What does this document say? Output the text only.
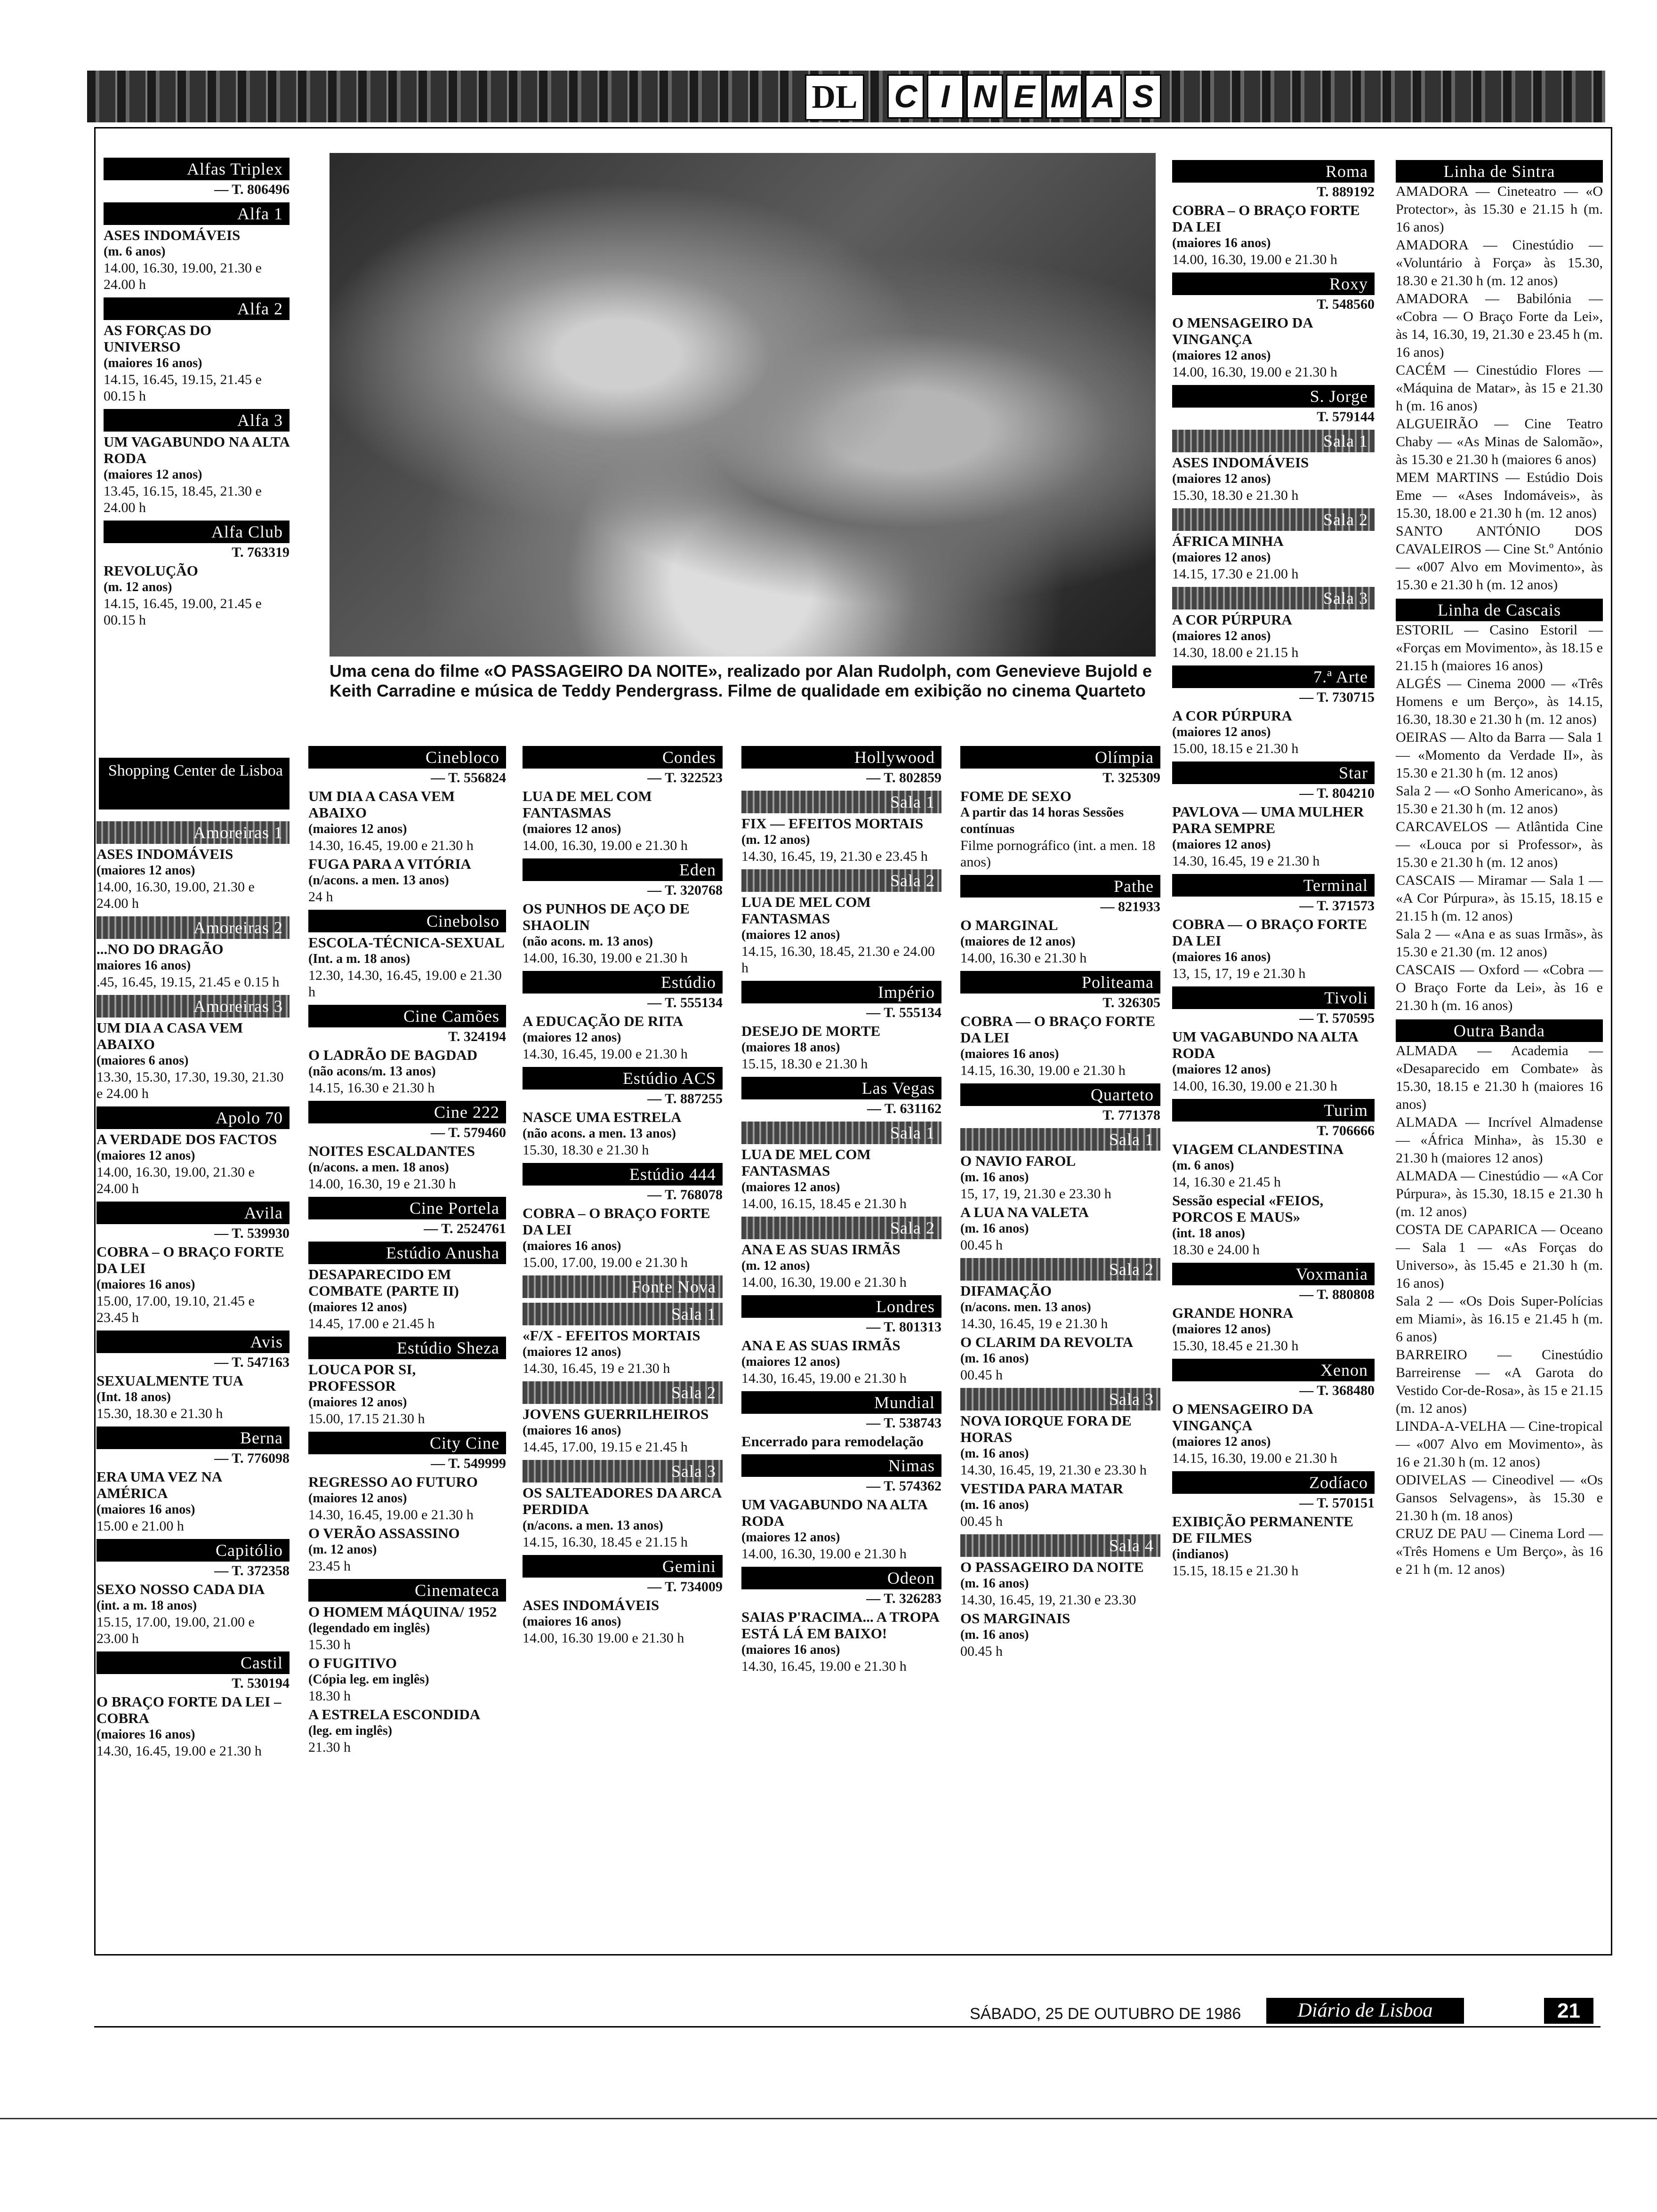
DL C I N E M A S
Alfas Triplex
— T. 806496
Alfa 1
ASES INDOMÁVEIS
(m. 6 anos)
14.00, 16.30, 19.00, 21.30 e 24.00 h
Alfa 2
AS FORÇAS DO UNIVERSO
(maiores 16 anos)
14.15, 16.45, 19.15, 21.45 e 00.15 h
Alfa 3
UM VAGABUNDO NA ALTA RODA
(maiores 12 anos)
13.45, 16.15, 18.45, 21.30 e 24.00 h
Alfa Club
T. 763319
REVOLUÇÃO
(m. 12 anos)
14.15, 16.45, 19.00, 21.45 e 00.15 h
Shopping Center de Lisboa
Amoreiras 1
ASES INDOMÁVEIS
(maiores 12 anos)
14.00, 16.30, 19.00, 21.30 e 24.00 h
Amoreiras 2
...NO DO DRAGÃO
maiores 16 anos)
.45, 16.45, 19.15, 21.45 e 0.15 h
Amoreiras 3
UM DIA A CASA VEM ABAIXO
(maiores 6 anos)
13.30, 15.30, 17.30, 19.30, 21.30 e 24.00 h
Apolo 70
A VERDADE DOS FACTOS
(maiores 12 anos)
14.00, 16.30, 19.00, 21.30 e 24.00 h
Avila
— T. 539930
COBRA – O BRAÇO FORTE DA LEI
(maiores 16 anos)
15.00, 17.00, 19.10, 21.45 e 23.45 h
Avis
— T. 547163
SEXUALMENTE TUA
(Int. 18 anos)
15.30, 18.30 e 21.30 h
Berna
— T. 776098
ERA UMA VEZ NA AMÉRICA
(maiores 16 anos)
15.00 e 21.00 h
Capitólio
— T. 372358
SEXO NOSSO CADA DIA
(int. a m. 18 anos)
15.15, 17.00, 19.00, 21.00 e 23.00 h
Castil
T. 530194
O BRAÇO FORTE DA LEI – COBRA
(maiores 16 anos)
14.30, 16.45, 19.00 e 21.30 h
Uma cena do filme «O PASSAGEIRO DA NOITE», realizado por Alan Rudolph, com Genevieve Bujold e Keith Carradine e música de Teddy Pendergrass. Filme de qualidade em exibição no cinema Quarteto
Cinebloco
— T. 556824
UM DIA A CASA VEM ABAIXO
(maiores 12 anos)
14.30, 16.45, 19.00 e 21.30 h
FUGA PARA A VITÓRIA
(n/acons. a men. 13 anos)
24 h
Cinebolso
ESCOLA-TÉCNICA-SEXUAL
(Int. a m. 18 anos)
12.30, 14.30, 16.45, 19.00 e 21.30 h
Cine Camões
T. 324194
O LADRÃO DE BAGDAD
(não acons/m. 13 anos)
14.15, 16.30 e 21.30 h
Cine 222
— T. 579460
NOITES ESCALDANTES
(n/acons. a men. 18 anos)
14.00, 16.30, 19 e 21.30 h
Cine Portela
— T. 2524761
Estúdio Anusha
DESAPARECIDO EM COMBATE (PARTE II)
(maiores 12 anos)
14.45, 17.00 e 21.45 h
Estúdio Sheza
LOUCA POR SI, PROFESSOR
(maiores 12 anos)
15.00, 17.15 21.30 h
City Cine
— T. 549999
REGRESSO AO FUTURO
(maiores 12 anos)
14.30, 16.45, 19.00 e 21.30 h
O VERÃO ASSASSINO
(m. 12 anos)
23.45 h
Cinemateca
O HOMEM MÁQUINA/ 1952
(legendado em inglês)
15.30 h
O FUGITIVO
(Cópia leg. em inglês)
18.30 h
A ESTRELA ESCONDIDA
(leg. em inglês)
21.30 h
Condes
— T. 322523
LUA DE MEL COM FANTASMAS
(maiores 12 anos)
14.00, 16.30, 19.00 e 21.30 h
Eden
— T. 320768
OS PUNHOS DE AÇO DE SHAOLIN
(não acons. m. 13 anos)
14.00, 16.30, 19.00 e 21.30 h
Estúdio
— T. 555134
A EDUCAÇÃO DE RITA
(maiores 12 anos)
14.30, 16.45, 19.00 e 21.30 h
Estúdio ACS
— T. 887255
NASCE UMA ESTRELA
(não acons. a men. 13 anos)
15.30, 18.30 e 21.30 h
Estúdio 444
— T. 768078
COBRA – O BRAÇO FORTE DA LEI
(maiores 16 anos)
15.00, 17.00, 19.00 e 21.30 h
Fonte Nova
Sala 1
«F/X - EFEITOS MORTAIS
(maiores 12 anos)
14.30, 16.45, 19 e 21.30 h
Sala 2
JOVENS GUERRILHEIROS
(maiores 16 anos)
14.45, 17.00, 19.15 e 21.45 h
Sala 3
OS SALTEADORES DA ARCA PERDIDA
(n/acons. a men. 13 anos)
14.15, 16.30, 18.45 e 21.15 h
Gemini
— T. 734009
ASES INDOMÁVEIS
(maiores 16 anos)
14.00, 16.30 19.00 e 21.30 h
Hollywood
— T. 802859
Sala 1
FIX — EFEITOS MORTAIS
(m. 12 anos)
14.30, 16.45, 19, 21.30 e 23.45 h
Sala 2
LUA DE MEL COM FANTASMAS
(maiores 12 anos)
14.15, 16.30, 18.45, 21.30 e 24.00 h
Império
— T. 555134
DESEJO DE MORTE
(maiores 18 anos)
15.15, 18.30 e 21.30 h
Las Vegas
— T. 631162
Sala 1
LUA DE MEL COM FANTASMAS
(maiores 12 anos)
14.00, 16.15, 18.45 e 21.30 h
Sala 2
ANA E AS SUAS IRMÃS
(m. 12 anos)
14.00, 16.30, 19.00 e 21.30 h
Londres
— T. 801313
ANA E AS SUAS IRMÃS
(maiores 12 anos)
14.30, 16.45, 19.00 e 21.30 h
Mundial
— T. 538743
Encerrado para remodelação
Nimas
— T. 574362
UM VAGABUNDO NA ALTA RODA
(maiores 12 anos)
14.00, 16.30, 19.00 e 21.30 h
Odeon
— T. 326283
SAIAS P'RACIMA... A TROPA ESTÁ LÁ EM BAIXO!
(maiores 16 anos)
14.30, 16.45, 19.00 e 21.30 h
Olímpia
T. 325309
FOME DE SEXO
A partir das 14 horas Sessões contínuas
Filme pornográfico (int. a men. 18 anos)
Pathe
— 821933
O MARGINAL
(maiores de 12 anos)
14.00, 16.30 e 21.30 h
Politeama
T. 326305
COBRA — O BRAÇO FORTE DA LEI
(maiores 16 anos)
14.15, 16.30, 19.00 e 21.30 h
Quarteto
T. 771378
Sala 1
O NAVIO FAROL
(m. 16 anos)
15, 17, 19, 21.30 e 23.30 h
A LUA NA VALETA
(m. 16 anos)
00.45 h
Sala 2
DIFAMAÇÃO
(n/acons. men. 13 anos)
14.30, 16.45, 19 e 21.30 h
O CLARIM DA REVOLTA
(m. 16 anos)
00.45 h
Sala 3
NOVA IORQUE FORA DE HORAS
(m. 16 anos)
14.30, 16.45, 19, 21.30 e 23.30 h
VESTIDA PARA MATAR
(m. 16 anos)
00.45 h
Sala 4
O PASSAGEIRO DA NOITE
(m. 16 anos)
14.30, 16.45, 19, 21.30 e 23.30
OS MARGINAIS
(m. 16 anos)
00.45 h
Roma
T. 889192
COBRA – O BRAÇO FORTE DA LEI
(maiores 16 anos)
14.00, 16.30, 19.00 e 21.30 h
Roxy
T. 548560
O MENSAGEIRO DA VINGANÇA
(maiores 12 anos)
14.00, 16.30, 19.00 e 21.30 h
S. Jorge
T. 579144
Sala 1
ASES INDOMÁVEIS
(maiores 12 anos)
15.30, 18.30 e 21.30 h
Sala 2
ÁFRICA MINHA
(maiores 12 anos)
14.15, 17.30 e 21.00 h
Sala 3
A COR PÚRPURA
(maiores 12 anos)
14.30, 18.00 e 21.15 h
7.ª Arte
— T. 730715
A COR PÚRPURA
(maiores 12 anos)
15.00, 18.15 e 21.30 h
Star
— T. 804210
PAVLOVA — UMA MULHER PARA SEMPRE
(maiores 12 anos)
14.30, 16.45, 19 e 21.30 h
Terminal
— T. 371573
COBRA — O BRAÇO FORTE DA LEI
(maiores 16 anos)
13, 15, 17, 19 e 21.30 h
Tivoli
— T. 570595
UM VAGABUNDO NA ALTA RODA
(maiores 12 anos)
14.00, 16.30, 19.00 e 21.30 h
Turim
T. 706666
VIAGEM CLANDESTINA
(m. 6 anos)
14, 16.30 e 21.45 h
Sessão especial «FEIOS, PORCOS E MAUS»
(int. 18 anos)
18.30 e 24.00 h
Voxmania
— T. 880808
GRANDE HONRA
(maiores 12 anos)
15.30, 18.45 e 21.30 h
Xenon
— T. 368480
O MENSAGEIRO DA VINGANÇA
(maiores 12 anos)
14.15, 16.30, 19.00 e 21.30 h
Zodíaco
— T. 570151
EXIBIÇÃO PERMANENTE DE FILMES
(indianos)
15.15, 18.15 e 21.30 h
Linha de Sintra
AMADORA — Cineteatro — «O Protector», às 15.30 e 21.15 h (m. 16 anos)
AMADORA — Cinestúdio — «Voluntário à Força» às 15.30, 18.30 e 21.30 h (m. 12 anos)
AMADORA — Babilónia — «Cobra — O Braço Forte da Lei», às 14, 16.30, 19, 21.30 e 23.45 h (m. 16 anos)
CACÉM — Cinestúdio Flores — «Máquina de Matar», às 15 e 21.30 h (m. 16 anos)
ALGUEIRÃO — Cine Teatro Chaby — «As Minas de Salomão», às 15.30 e 21.30 h (maiores 6 anos)
MEM MARTINS — Estúdio Dois Eme — «Ases Indomáveis», às 15.30, 18.00 e 21.30 h (m. 12 anos)
SANTO ANTÓNIO DOS CAVALEIROS — Cine St.º António — «007 Alvo em Movimento», às 15.30 e 21.30 h (m. 12 anos)
Linha de Cascais
ESTORIL — Casino Estoril — «Forças em Movimento», às 18.15 e 21.15 h (maiores 16 anos)
ALGÉS — Cinema 2000 — «Três Homens e um Berço», às 14.15, 16.30, 18.30 e 21.30 h (m. 12 anos)
OEIRAS — Alto da Barra — Sala 1 — «Momento da Verdade II», às 15.30 e 21.30 h (m. 12 anos)
Sala 2 — «O Sonho Americano», às 15.30 e 21.30 h (m. 12 anos)
CARCAVELOS — Atlântida Cine — «Louca por si Professor», às 15.30 e 21.30 h (m. 12 anos)
CASCAIS — Miramar — Sala 1 — «A Cor Púrpura», às 15.15, 18.15 e 21.15 h (m. 12 anos)
Sala 2 — «Ana e as suas Irmãs», às 15.30 e 21.30 (m. 12 anos)
CASCAIS — Oxford — «Cobra — O Braço Forte da Lei», às 16 e 21.30 h (m. 16 anos)
Outra Banda
ALMADA — Academia — «Desaparecido em Combate» às 15.30, 18.15 e 21.30 h (maiores 16 anos)
ALMADA — Incrível Almadense — «África Minha», às 15.30 e 21.30 h (maiores 12 anos)
ALMADA — Cinestúdio — «A Cor Púrpura», às 15.30, 18.15 e 21.30 h (m. 12 anos)
COSTA DE CAPARICA — Oceano — Sala 1 — «As Forças do Universo», às 15.45 e 21.30 h (m. 16 anos)
Sala 2 — «Os Dois Super-Polícias em Miami», às 16.15 e 21.45 h (m. 6 anos)
BARREIRO — Cinestúdio Barreirense — «A Garota do Vestido Cor-de-Rosa», às 15 e 21.15 (m. 12 anos)
LINDA-A-VELHA — Cine-tropical — «007 Alvo em Movimento», às 16 e 21.30 h (m. 12 anos)
ODIVELAS — Cineodivel — «Os Gansos Selvagens», às 15.30 e 21.30 h (m. 18 anos)
CRUZ DE PAU — Cinema Lord — «Três Homens e Um Berço», às 16 e 21 h (m. 12 anos)
SÁBADO, 25 DE OUTUBRO DE 1986	Diário de Lisboa	21
